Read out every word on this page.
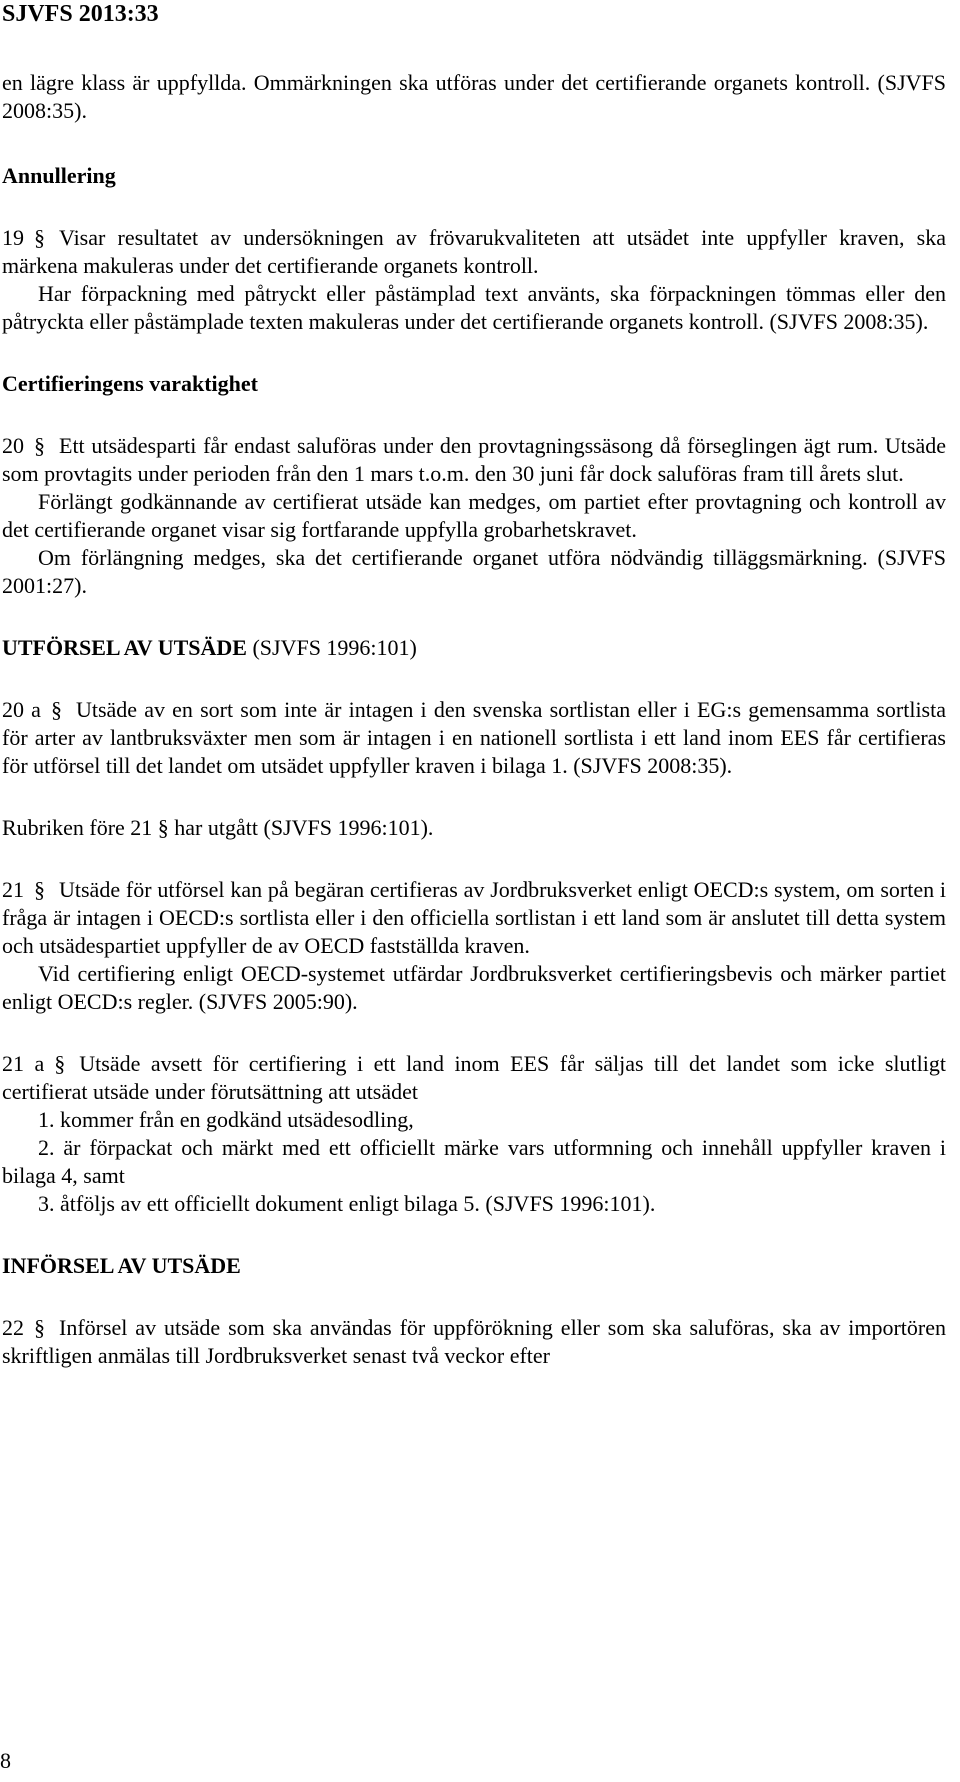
SJVFS 2013:33

en lägre klass är uppfyllda. Ommärkningen ska utföras under det certifierande organets kontroll. (SJVFS 2008:35).

Annullering

19 § Visar resultatet av undersökningen av frövarukvaliteten att utsädet inte uppfyller kraven, ska märkena makuleras under det certifierande organets kontroll.

Har förpackning med påtryckt eller påstämplad text använts, ska förpackningen tömmas eller den påtryckta eller påstämplade texten makuleras under det certifierande organets kontroll. (SJVFS 2008:35).

Certifieringens varaktighet

20 § Ett utsädesparti får endast saluföras under den provtagningssäsong då förseglingen ägt rum. Utsäde som provtagits under perioden från den 1 mars t.o.m. den 30 juni får dock saluföras fram till årets slut.

Förlängt godkännande av certifierat utsäde kan medges, om partiet efter provtagning och kontroll av det certifierande organet visar sig fortfarande uppfylla grobarhetskravet.

Om förlängning medges, ska det certifierande organet utföra nödvändig tilläggsmärkning. (SJVFS 2001:27).

UTFÖRSEL AV UTSÄDE (SJVFS 1996:101)

20 a § Utsäde av en sort som inte är intagen i den svenska sortlistan eller i EG:s gemensamma sortlista för arter av lantbruksväxter men som är intagen i en nationell sortlista i ett land inom EES får certifieras för utförsel till det landet om utsädet uppfyller kraven i bilaga 1. (SJVFS 2008:35).

Rubriken före 21 § har utgått (SJVFS 1996:101).

21 § Utsäde för utförsel kan på begäran certifieras av Jordbruksverket enligt OECD:s system, om sorten i fråga är intagen i OECD:s sortlista eller i den officiella sortlistan i ett land som är anslutet till detta system och utsädespartiet uppfyller de av OECD fastställda kraven.

Vid certifiering enligt OECD-systemet utfärdar Jordbruksverket certifieringsbevis och märker partiet enligt OECD:s regler. (SJVFS 2005:90).

21 a § Utsäde avsett för certifiering i ett land inom EES får säljas till det landet som icke slutligt certifierat utsäde under förutsättning att utsädet

1. kommer från en godkänd utsädesodling,

2. är förpackat och märkt med ett officiellt märke vars utformning och innehåll uppfyller kraven i bilaga 4, samt

3. åtföljs av ett officiellt dokument enligt bilaga 5. (SJVFS 1996:101).

INFÖRSEL AV UTSÄDE

22 § Införsel av utsäde som ska användas för uppförökning eller som ska saluföras, ska av importören skriftligen anmälas till Jordbruksverket senast två veckor efter

8
